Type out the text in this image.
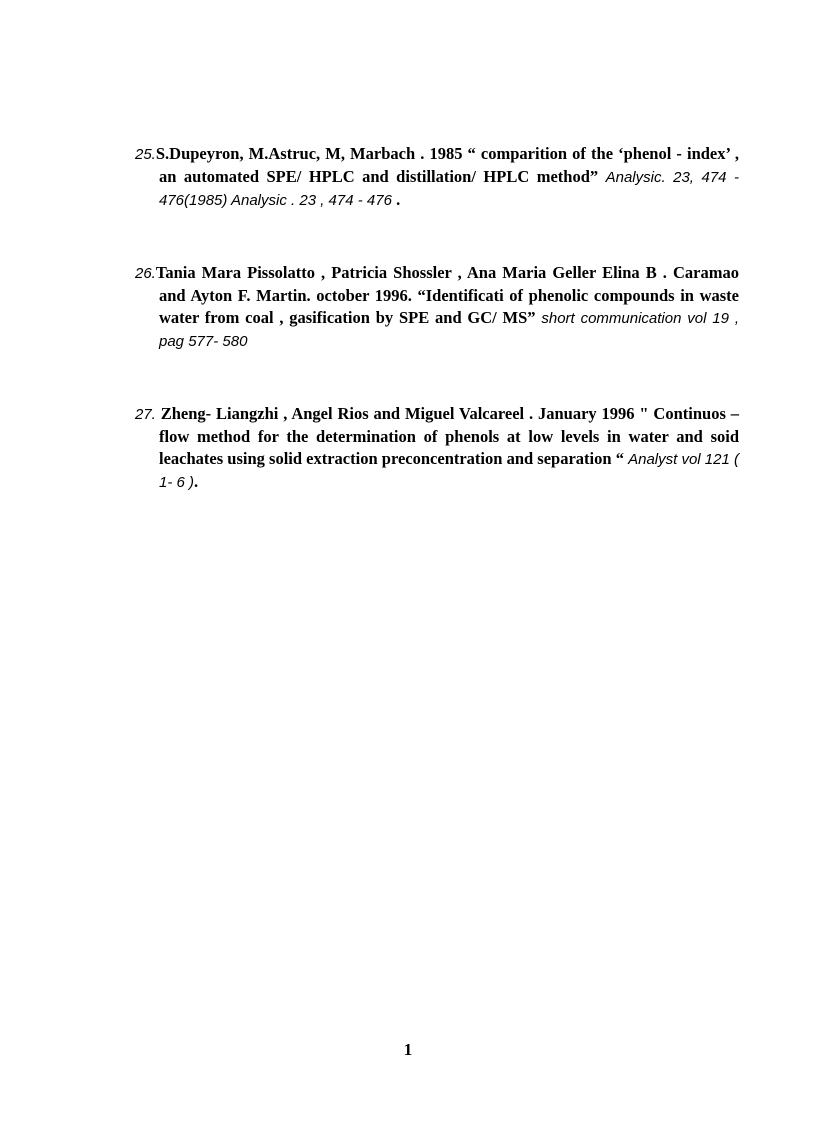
25.S.Dupeyron, M.Astruc, M, Marbach . 1985 “ comparition of the ‘phenol - index’ , an automated SPE/ HPLC and distillation/ HPLC method” Analysic. 23, 474 - 476(1985) Analysic . 23 , 474 - 476 .

26.Tania Mara Pissolatto , Patricia Shossler , Ana Maria Geller Elina B . Caramao and Ayton F. Martin. october 1996. “Identificati of phenolic compounds in waste water from coal , gasification by SPE and GC/ MS” short communication vol 19 , pag 577- 580

27. Zheng- Liangzhi , Angel Rios and Miguel Valcareel . January 1996 " Continuos – flow method for the determination of phenols at low levels in water and soid leachates using solid extraction preconcentration and separation “ Analyst vol 121 ( 1- 6 ).

1
